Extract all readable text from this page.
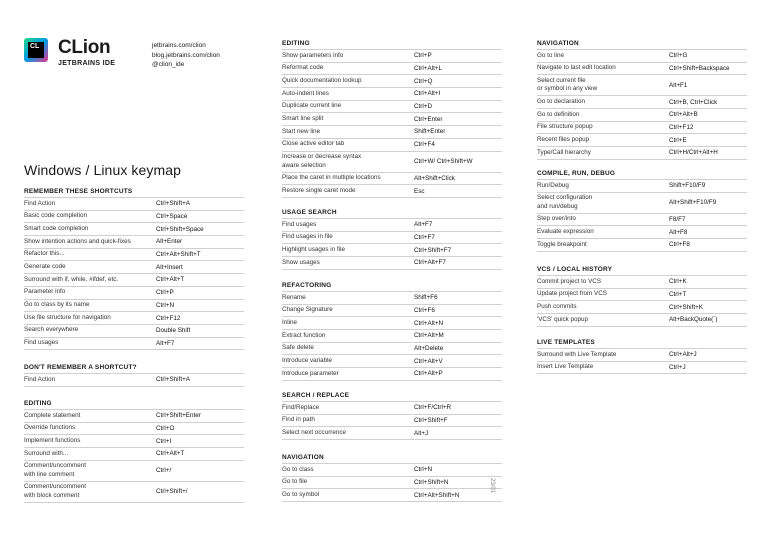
CL CLion
JETBRAINS IDE
jetbrains.com/clion
blog.jetbrains.com/clion
@clion_ide
Windows / Linux keymap
REMEMBER THESE SHORTCUTS
Find Action	Ctrl+Shift+A
Basic code completion	Ctrl+Space
Smart code completion	Ctrl+Shift+Space
Show intention actions and quick-fixes	Alt+Enter
Refactor this...	Ctrl+Alt+Shift+T
Generate code	Alt+Insert
Surround with if, while, #ifdef, etc.	Ctrl+Alt+T
Parameter info	Ctrl+P
Go to class by its name	Ctrl+N
Use file structure for navigation	Ctrl+F12
Search everywhere	Double Shift
Find usages	Alt+F7
DON'T REMEMBER A SHORTCUT?
Find Action	Ctrl+Shift+A
EDITING
Complete statement	Ctrl+Shift+Enter
Override functions	Ctrl+O
Implement functions	Ctrl+I
Surround with...	Ctrl+Alt+T
Comment/uncomment
with line comment	Ctrl+/
Comment/uncomment
with block comment	Ctrl+Shift+/
EDITING
Show parameters info	Ctrl+P
Reformat code	Ctrl+Alt+L
Quick documentation lookup	Ctrl+Q
Auto-indent lines	Ctrl+Alt+I
Duplicate current line	Ctrl+D
Smart line split	Ctrl+Enter
Start new line	Shift+Enter
Close active editor tab	Ctrl+F4
Increase or decrease syntax
aware selection	Ctrl+W/ Ctrl+Shift+W
Place the caret in multiple locations	Alt+Shift+Click
Restore single caret mode	Esc
USAGE SEARCH
Find usages	Alt+F7
Find usages in file	Ctrl+F7
Highlight usages in file	Ctrl+Shift+F7
Show usages	Ctrl+Alt+F7
REFACTORING
Rename	Shift+F6
Change Signature	Ctrl+F6
Inline	Ctrl+Alt+N
Extract function	Ctrl+Alt+M
Safe delete	Alt+Delete
Introduce variable	Ctrl+Alt+V
Introduce parameter	Ctrl+Alt+P
SEARCH / REPLACE
Find/Replace	Ctrl+F/Ctrl+R
Find in path	Ctrl+Shift+F
Select next occurrence	Alt+J
NAVIGATION
Go to class	Ctrl+N
Go to file	Ctrl+Shift+N
Go to symbol	Ctrl+Alt+Shift+N
NAVIGATION
Go to line	Ctrl+G
Navigate to last edit location	Ctrl+Shift+Backspace
Select current file
or symbol in any view	Alt+F1
Go to declaration	Ctrl+B, Ctrl+Click
Go to definition	Ctrl+Alt+B
File structure popup	Ctrl+F12
Recent files popup	Ctrl+E
Type/Call hierarchy	Ctrl+H/Ctrl+Alt+H
COMPILE, RUN, DEBUG
Run/Debug	Shift+F10/F9
Select configuration
and run/debug	Alt+Shift+F10/F9
Step over/into	F8/F7
Evaluate expression	Alt+F8
Toggle breakpoint	Ctrl+F8
VCS / LOCAL HISTORY
Commit project to VCS	Ctrl+K
Update project from VCS	Ctrl+T
Push commits	Ctrl+Shift+K
'VCS' quick popup	Alt+BackQuote(`)
LIVE TEMPLATES
Surround with Live Template	Ctrl+Alt+J
Insert Live Template	Ctrl+J
23/01
